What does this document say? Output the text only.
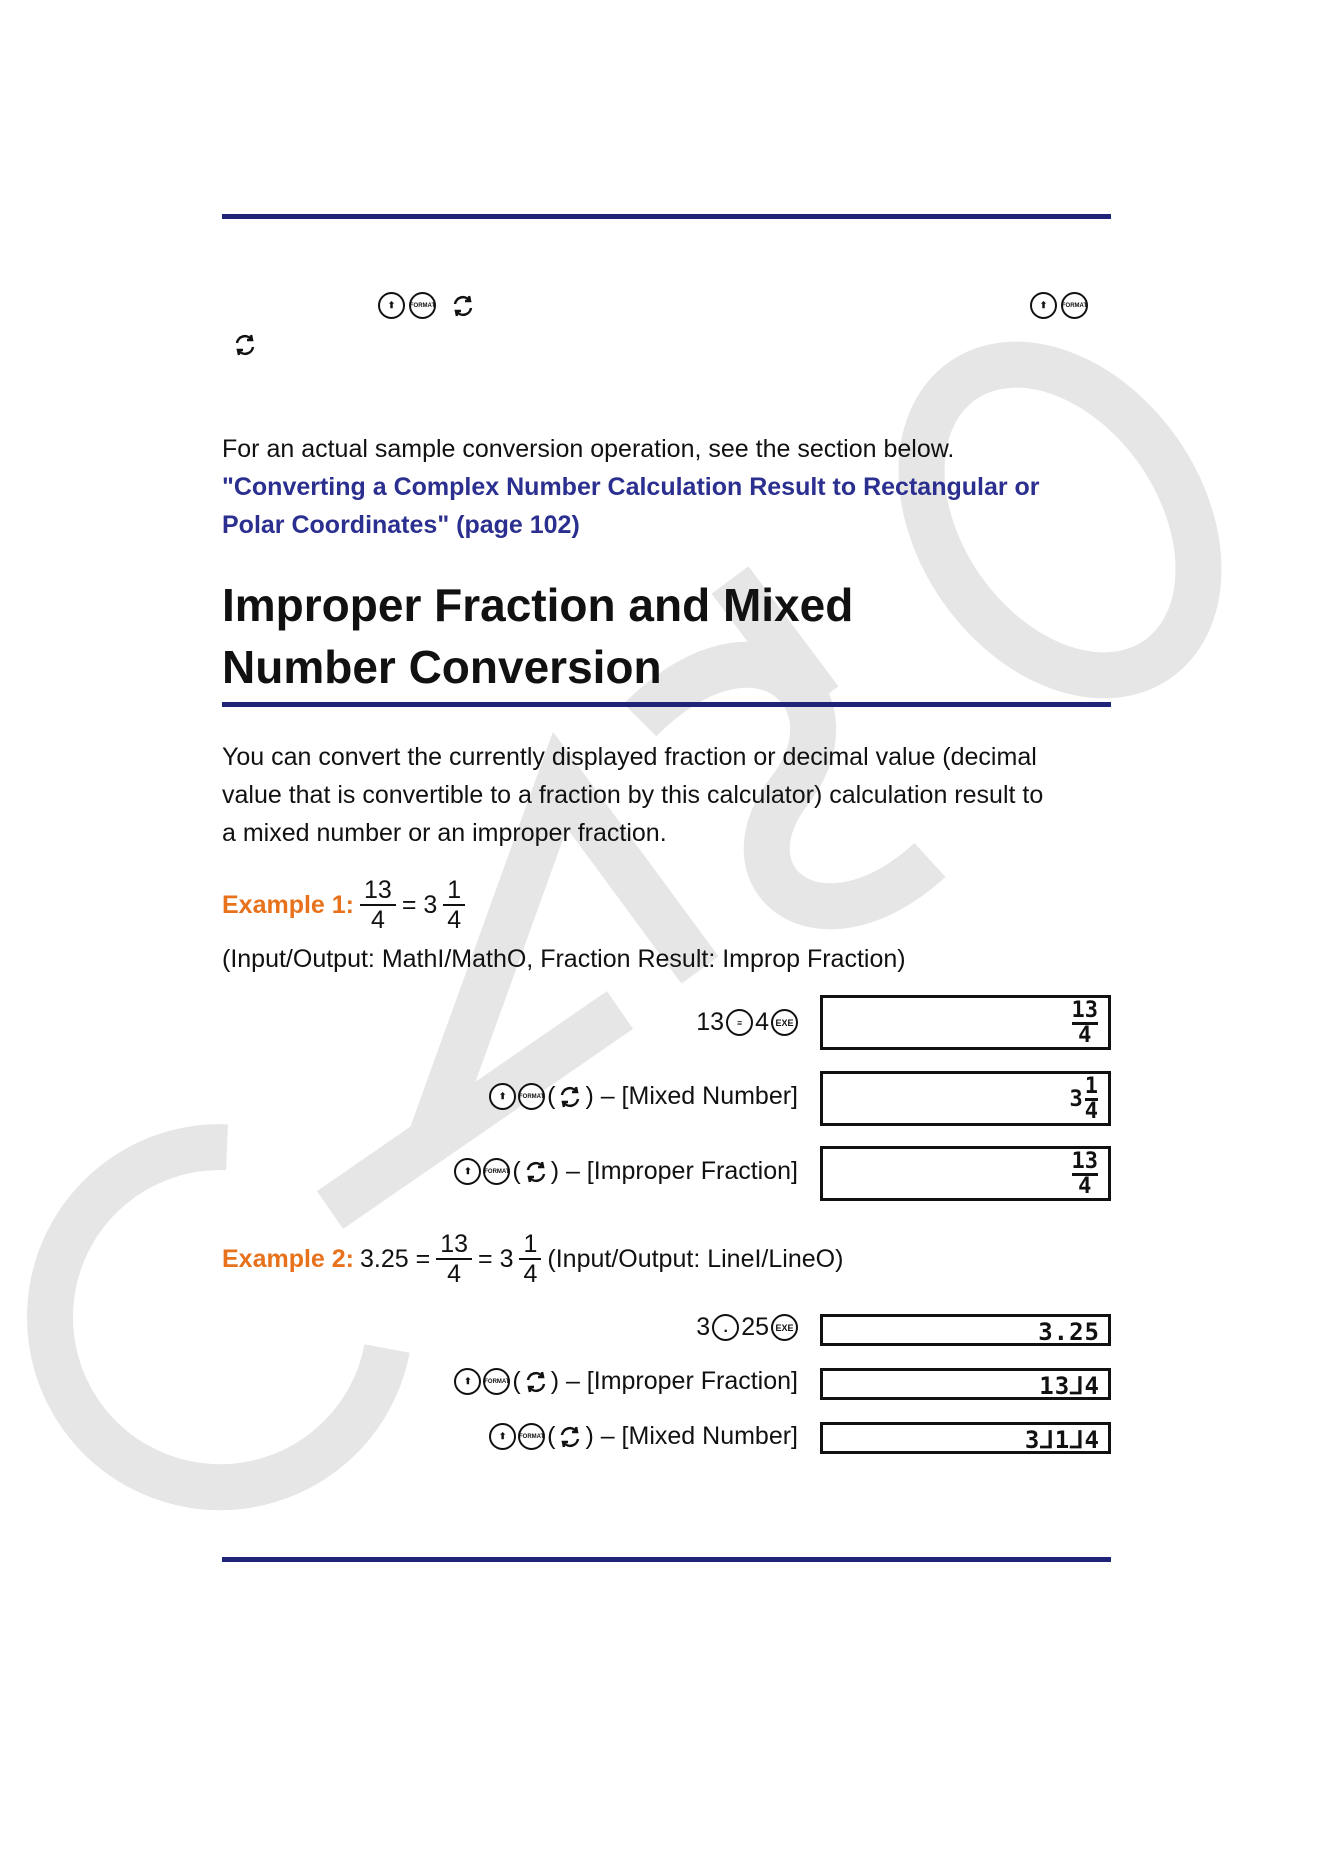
⬆	FORMAT	⬆	FORMAT
For an actual sample conversion operation, see the section below.
"Converting a Complex Number Calculation Result to Rectangular or
Polar Coordinates" (page 102)
Improper Fraction and Mixed
Number Conversion
You can convert the currently displayed fraction or decimal value (decimal
value that is convertible to a fraction by this calculator) calculation result to
a mixed number or an improper fraction.
Example 1: $\frac{13}{4} = 3 \frac{1}{4}$
(Input/Output: MathI/MathO, Fraction Result: Improp Fraction)
13	≡ 4 EXE	$\frac{13}{4}$
⬆	FORMAT ( ) – [Mixed Number]	$3 \frac{1}{4}$
⬆	FORMAT ( ) – [Improper Fraction]	$\frac{13}{4}$
Example 2: $3.25 = \frac{13}{4} = 3 \frac{1}{4}$ (Input/Output: LineI/LineO)
3 . 25 EXE	3.25
⬆	FORMAT ( ) – [Improper Fraction]	13⅃4
⬆	FORMAT ( ) – [Mixed Number]	3⅃1⅃4
